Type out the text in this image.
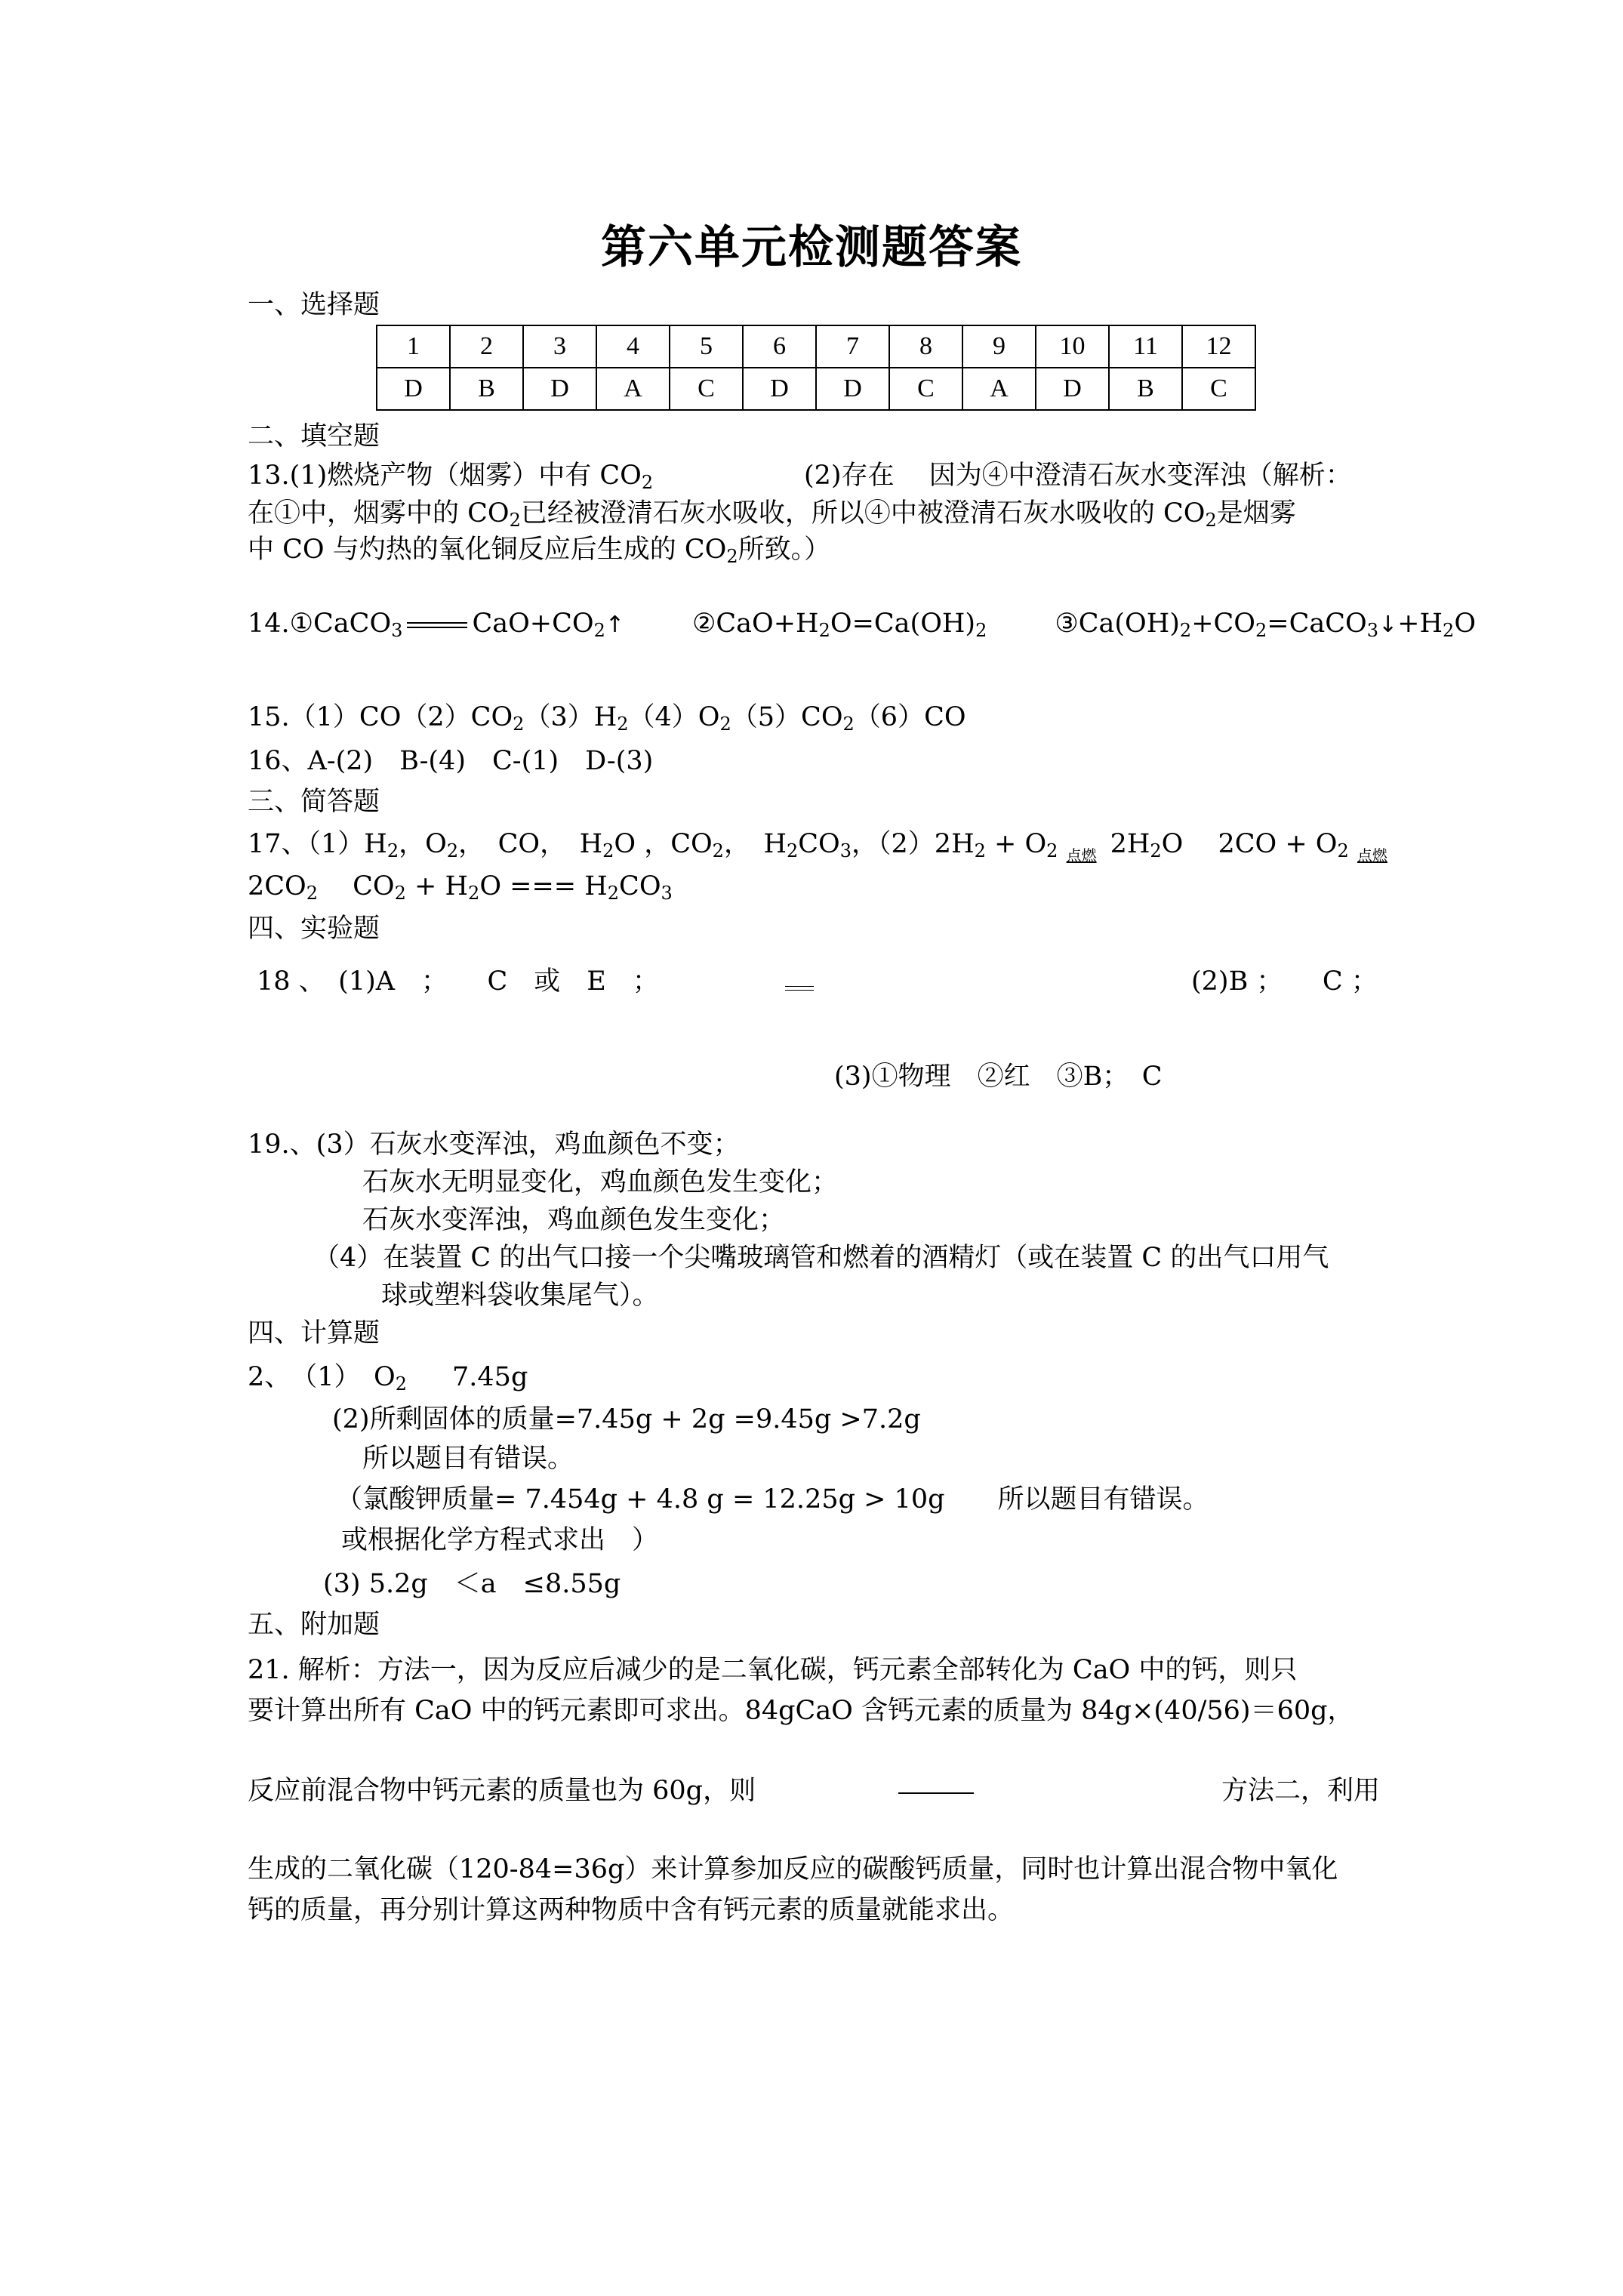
第六单元检测题答案
一、选择题
1	2	3	4	5	6	7	8	9	10	11	12
D	B	D	A	C	D	D	C	A	D	B	C
二、填空题
13.(1)燃烧产物（烟雾）中有 $CO_2$	(2)存在　 因为④中澄清石灰水变浑浊（解析：
在①中，烟雾中的 $CO_2$已经被澄清石灰水吸收，所以④中被澄清石灰水吸收的 $CO_2$是烟雾
中 CO 与灼热的氧化铜反应后生成的 $CO_2$所致。）
14.①CaCO$_3$	$CaO+CO_2↑$	$②CaO+H_2O=Ca(OH)_2$	$③Ca(OH)_2+CO_2=CaCO_3↓+H_2O$
$15.(1)CO(2)CO_2(3)H_2(4)O_2(5)CO_2(6)CO$
16、A-(2)　B-(4)　C-(1)　D-(3)
三、简答题
17、$(1)H_2$，$O_2$，　CO，　$H_2O$ ，$CO_2$，　$H_2CO_3$，$(2)2H_2 + O_2$ 点燃 $2H_2O$　 $2CO + O_2$ 点燃
$2CO_2$　 $CO_2 + H_2O$ === $H_2CO_3$
四、实验题
18 、　(1)A　；　　C　或　E　；	(2)B ；　　C ；
(3)①物理　②红　③B；　C
19.、(3）石灰水变浑浊，鸡血颜色不变；
石灰水无明显变化，鸡血颜色发生变化；
石灰水变浑浊，鸡血颜色发生变化；
（4）在装置 C 的出气口接一个尖嘴玻璃管和燃着的酒精灯（或在装置 C 的出气口用气
球或塑料袋收集尾气）。
四、计算题
2、　（1）　$O_2$ 7.45g
(2)所剩固体的质量=7.45g + 2g =9.45g >7.2g
所以题目有错误。
（氯酸钾质量= 7.454g + 4.8 g = 12.25g > 10g　　所以题目有错误。
或根据化学方程式求出　）
(3) 5.2g　＜a　≤8.55g
五、附加题
21. 解析：方法一，因为反应后减少的是二氧化碳，钙元素全部转化为 CaO 中的钙，则只
要计算出所有 CaO 中的钙元素即可求出。84gCaO 含钙元素的质量为 84g×(40/56)＝60g，
反应前混合物中钙元素的质量也为 60g，则	方法二，利用
生成的二氧化碳（120-84=36g）来计算参加反应的碳酸钙质量，同时也计算出混合物中氧化
钙的质量，再分别计算这两种物质中含有钙元素的质量就能求出。
